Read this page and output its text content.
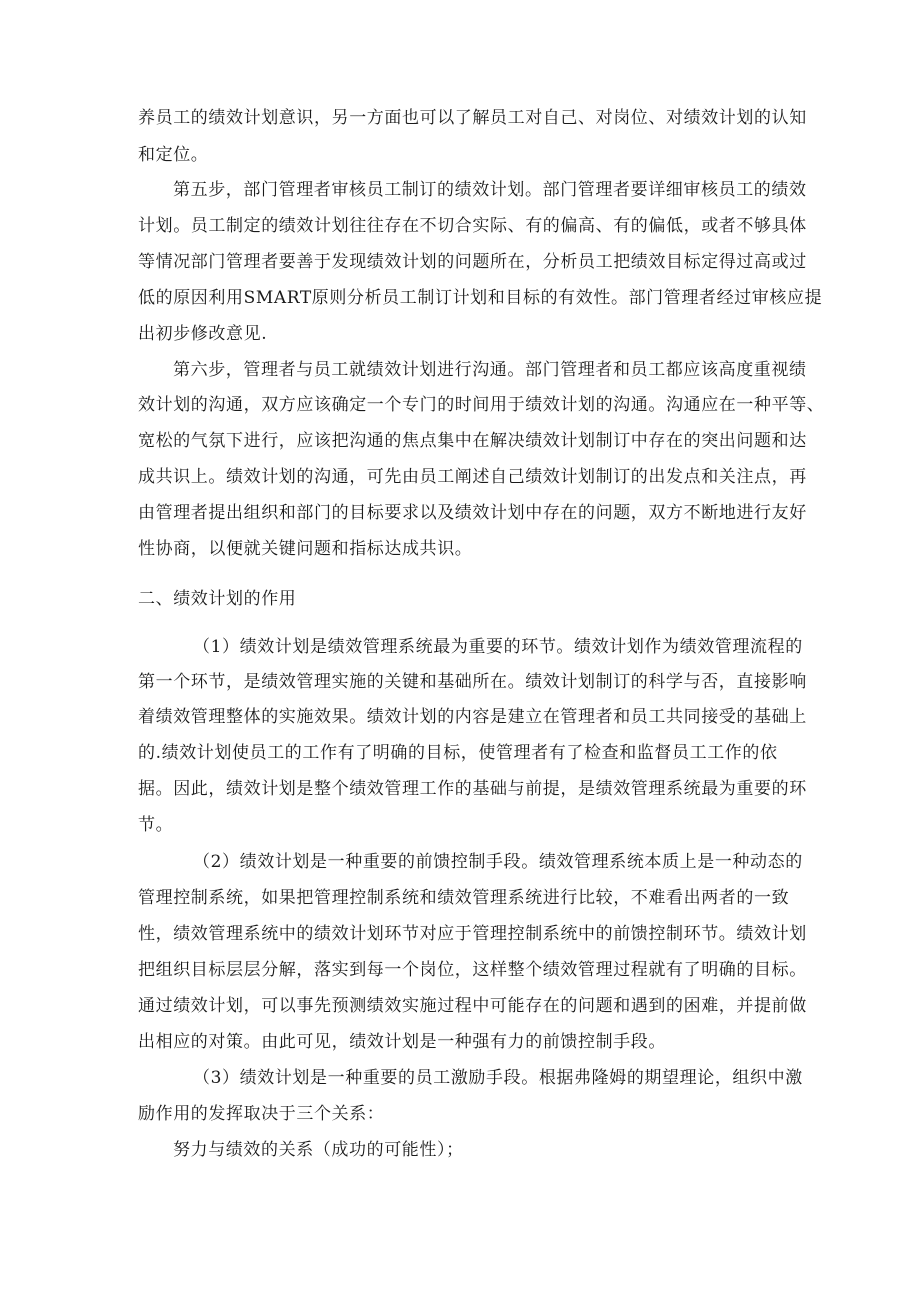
养员工的绩效计划意识，另一方面也可以了解员工对自己、对岗位、对绩效计划的认知
和定位。
第五步，部门管理者审核员工制订的绩效计划。部门管理者要详细审核员工的绩效
计划。员工制定的绩效计划往往存在不切合实际、有的偏高、有的偏低，或者不够具体
等情况部门管理者要善于发现绩效计划的问题所在，分析员工把绩效目标定得过高或过
低的原因利用SMART原则分析员工制订计划和目标的有效性。部门管理者经过审核应提
出初步修改意见.
第六步，管理者与员工就绩效计划进行沟通。部门管理者和员工都应该高度重视绩
效计划的沟通，双方应该确定一个专门的时间用于绩效计划的沟通。沟通应在一种平等、
宽松的气氛下进行，应该把沟通的焦点集中在解决绩效计划制订中存在的突出问题和达
成共识上。绩效计划的沟通，可先由员工阐述自己绩效计划制订的出发点和关注点，再
由管理者提出组织和部门的目标要求以及绩效计划中存在的问题，双方不断地进行友好
性协商，以便就关键问题和指标达成共识。
二、绩效计划的作用
（1）绩效计划是绩效管理系统最为重要的环节。绩效计划作为绩效管理流程的
第一个环节，是绩效管理实施的关键和基础所在。绩效计划制订的科学与否，直接影响
着绩效管理整体的实施效果。绩效计划的内容是建立在管理者和员工共同接受的基础上
的.绩效计划使员工的工作有了明确的目标，使管理者有了检查和监督员工工作的依
据。因此，绩效计划是整个绩效管理工作的基础与前提，是绩效管理系统最为重要的环
节。
（2）绩效计划是一种重要的前馈控制手段。绩效管理系统本质上是一种动态的
管理控制系统，如果把管理控制系统和绩效管理系统进行比较，不难看出两者的一致
性，绩效管理系统中的绩效计划环节对应于管理控制系统中的前馈控制环节。绩效计划
把组织目标层层分解，落实到每一个岗位，这样整个绩效管理过程就有了明确的目标。
通过绩效计划，可以事先预测绩效实施过程中可能存在的问题和遇到的困难，并提前做
出相应的对策。由此可见，绩效计划是一种强有力的前馈控制手段。
（3）绩效计划是一种重要的员工激励手段。根据弗隆姆的期望理论，组织中激
励作用的发挥取决于三个关系：
努力与绩效的关系（成功的可能性）；
